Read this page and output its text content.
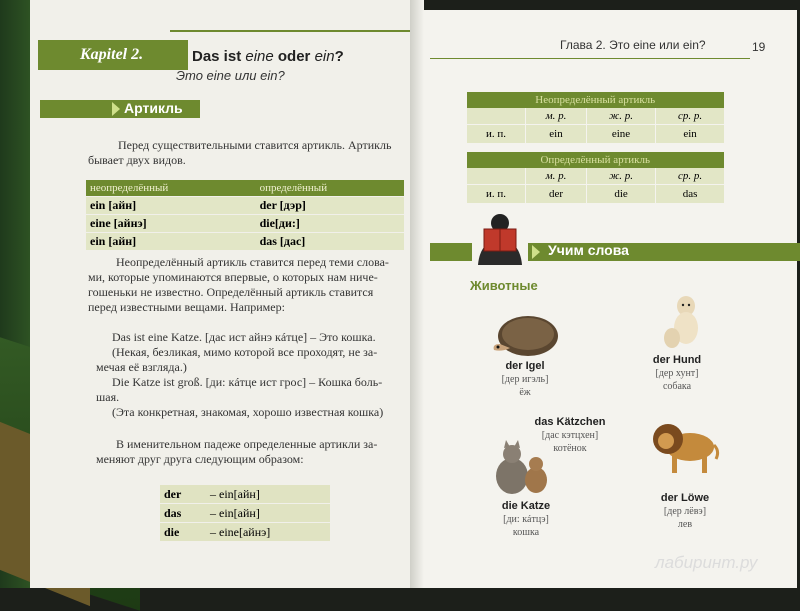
Kapitel 2.	Das ist eine oder ein?
Это eine или ein?
Артикль
Перед существительными ставится артикль. Артикль
бывает двух видов.
неопределённый	определённый
ein [айн]	der [дэр]
eine [айнэ]	die[ди:]
ein [айн]	das [дас]
Неопределённый артикль ставится перед теми слова-
ми, которые упоминаются впервые, о которых нам ниче-
гошеньки не известно. Определённый артикль ставится
перед известными вещами. Например:
Das ist eine Katze. [дас ист айнэ кáтце] – Это кошка.
(Некая, безликая, мимо которой все проходят, не за-
мечая её взгляда.)
Die Katze ist groß. [ди: кáтце ист грос] – Кошка боль-
шая.
(Эта конкретная, знакомая, хорошо известная кошка)
В именительном падеже определенные артикли за-
меняют друг друга следующим образом:
der	– ein[айн]
das	– ein[айн]
die	– eine[айнэ]
Глава 2. Это eine или ein?	19
Неопределённый артикль			
	м. р.	ж. р.	ср. р.
и. п.	ein	eine	ein
Определённый артикль			
	м. р.	ж. р.	ср. р.
и. п.	der	die	das
Учим слова
Животные
der Igel
[дер игэль]
ёж
der Hund
[дер хунт]
собака
das Kätzchen
[дас кэтцхен]
котёнок
die Katze
[ди: кáтцэ]
кошка
der Löwe
[дер лёвэ]
лев
лабиринт.ру
